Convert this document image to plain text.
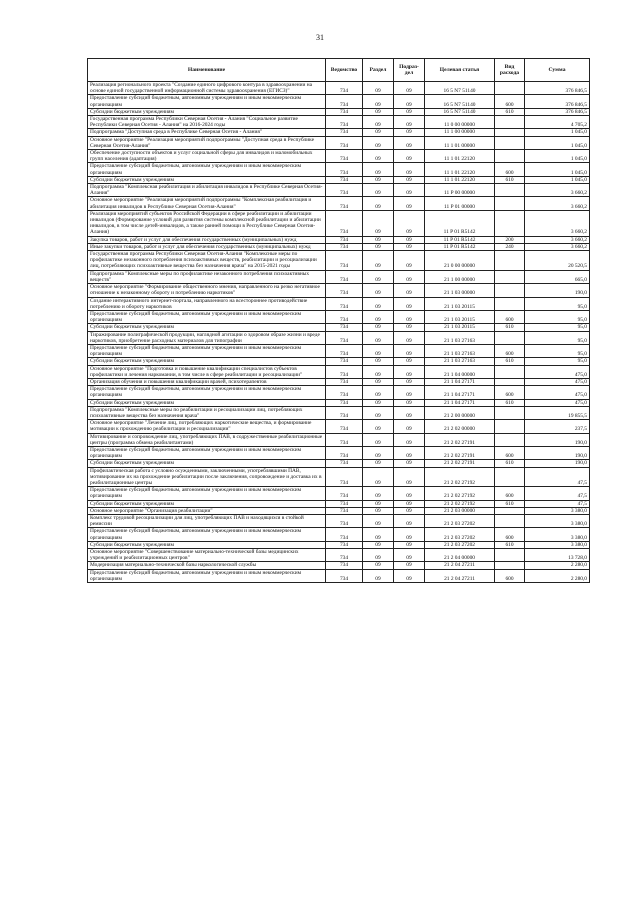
31
Наименование	Ведомство	Раздел	Подраз-дел	Целевая статья	Вид расхода	Сумма
Реализация регионального проекта "Создание единого цифрового контура в здравоохранении на основе единой государственной информационной системы здравоохранения (ЕГИСЗ)"	734	09	09	16 5 N7 51140		376 846,5
Предоставление субсидий бюджетным, автономным учреждениям и иным некоммерческим организациям	734	09	09	16 5 N7 51140	600	376 846,5
Субсидии бюджетным учреждениям	734	09	09	16 5 N7 51140	610	376 846,5
Государственная программа Республики Северная Осетия - Алания "Социальное развитие Республики Северная Осетия - Алания" на 2016-2024 годы	734	09	09	11 0 00 00000		4 705,2
Подпрограмма "Доступная среда в Республике Северная Осетия - Алания"	734	09	09	11 1 00 00000		1 045,0
Основное мероприятие "Реализация мероприятий подпрограммы "Доступная среда в Республике Северная Осетия-Алания"	734	09	09	11 1 01 00000		1 045,0
Обеспечение доступности объектов и услуг социальной сферы для инвалидов и маломобильных групп населения (адаптация)	734	09	09	11 1 01 22120		1 045,0
Предоставление субсидий бюджетным, автономным учреждениям и иным некоммерческим организациям	734	09	09	11 1 01 22120	600	1 045,0
Субсидии бюджетным учреждениям	734	09	09	11 1 01 22120	610	1 045,0
Подпрограмма "Комплексная реабилитация и абилитация инвалидов в Республике Северная Осетия-Алания"	734	09	09	11 P 00 00000		3 660,2
Основное мероприятие "Реализация мероприятий подпрограммы "Комплексная реабилитация и абилитация инвалидов в Республике Северная Осетия-Алания"	734	09	09	11 P 01 00000		3 660,2
Реализация мероприятий субъектов Российской Федерации в сфере реабилитации и абилитации инвалидов (Формирование условий для развития системы комплексной реабилитации и абилитации инвалидов, в том числе детей-инвалидов, а также ранней помощи в Республике Северная Осетия-Алания)	734	09	09	11 P 01 R5142		3 660,2
Закупка товаров, работ и услуг для обеспечения государственных (муниципальных) нужд	734	09	09	11 P 01 R5142	200	3 660,2
Иные закупки товаров, работ и услуг для обеспечения государственных (муниципальных) нужд	734	09	09	11 P 01 R5142	240	3 660,2
Государственная программа Республики Северная Осетия-Алания "Комплексные меры по профилактике незаконного потребления психоактивных веществ, реабилитации и ресоциализации лиц, потребляющих психоактивные вещества без назначения врача" на 2015-2021 годы	734	09	09	21 0 00 00000		20 520,5
Подпрограмма "Комплексные меры по профилактике незаконного потребления психоактивных веществ"	734	09	09	21 1 00 00000		665,0
Основное мероприятие "Формирование общественного мнения, направленного на резко негативное отношение к незаконному обороту и потреблению наркотиков"	734	09	09	21 1 03 00000		190,0
Создание интерактивного интернет-портала, направленного на всестороннее противодействие потреблению и обороту наркотиков	734	09	09	21 1 03 20115		95,0
Предоставление субсидий бюджетным, автономным учреждениям и иным некоммерческим организациям	734	09	09	21 1 03 20115	600	95,0
Субсидии бюджетным учреждениям	734	09	09	21 1 03 20115	610	95,0
Тиражирование полиграфической продукции, наглядной агитации о здоровом образе жизни и вреде наркотиков, приобретение расходных материалов для типографии	734	09	09	21 1 03 27163		95,0
Предоставление субсидий бюджетным, автономным учреждениям и иным некоммерческим организациям	734	09	09	21 1 03 27163	600	95,0
Субсидии бюджетным учреждениям	734	09	09	21 1 03 27163	610	95,0
Основное мероприятие "Подготовка и повышение квалификации специалистов субъектов профилактики и лечения наркомании, в том числе в сфере реабилитации и ресоциализации"	734	09	09	21 1 04 00000		475,0
Организация обучения и повышения квалификации врачей, психотерапевтов	734	09	09	21 1 04 27171		475,0
Предоставление субсидий бюджетным, автономным учреждениям и иным некоммерческим организациям	734	09	09	21 1 04 27171	600	475,0
Субсидии бюджетным учреждениям	734	09	09	21 1 04 27171	610	475,0
Подпрограмма "Комплексные меры по реабилитации и ресоциализации лиц, потребляющих психоактивные вещества без назначения врача"	734	09	09	21 2 00 00000		19 855,5
Основное мероприятие "Лечение лиц, потребляющих наркотические вещества, и формирование мотивации к прохождению реабилитации и ресоциализации"	734	09	09	21 2 02 00000		237,5
Мотивирование и сопровождение лиц, употребляющих ПАВ, в содружественные реабилитационные центры (программа обмена реабилитантами)	734	09	09	21 2 02 27191		190,0
Предоставление субсидий бюджетным, автономным учреждениям и иным некоммерческим организациям	734	09	09	21 2 02 27191	600	190,0
Субсидии бюджетным учреждениям	734	09	09	21 2 02 27191	610	190,0
Профилактическая работа с условно осужденными, заключенными, употреблявшими ПАВ, мотивирование их на прохождение реабилитации после заключения, сопровождение и доставка их в реабилитационные центры	734	09	09	21 2 02 27192		47,5
Предоставление субсидий бюджетным, автономным учреждениям и иным некоммерческим организациям	734	09	09	21 2 02 27192	600	47,5
Субсидии бюджетным учреждениям	734	09	09	21 2 02 27192	610	47,5
Основное мероприятие "Организация реабилитации"	734	09	09	21 2 03 00000		3 380,0
Комплекс трудовой ресоциализации для лиц, употребляющих ПАВ и находящихся в стойкой ремиссии	734	09	09	21 2 03 27202		3 380,0
Предоставление субсидий бюджетным, автономным учреждениям и иным некоммерческим организациям	734	09	09	21 2 03 27202	600	3 380,0
Субсидии бюджетным учреждениям	734	09	09	21 2 03 27202	610	3 380,0
Основное мероприятие "Совершенствование материально-технической базы медицинских учреждений и реабилитационных центров"	734	09	09	21 2 04 00000		13 728,0
Модернизация материально-технической базы наркологической службы	734	09	09	21 2 04 27211		2 280,0
Предоставление субсидий бюджетным, автономным учреждениям и иным некоммерческим организациям	734	09	09	21 2 04 27211	600	2 280,0
